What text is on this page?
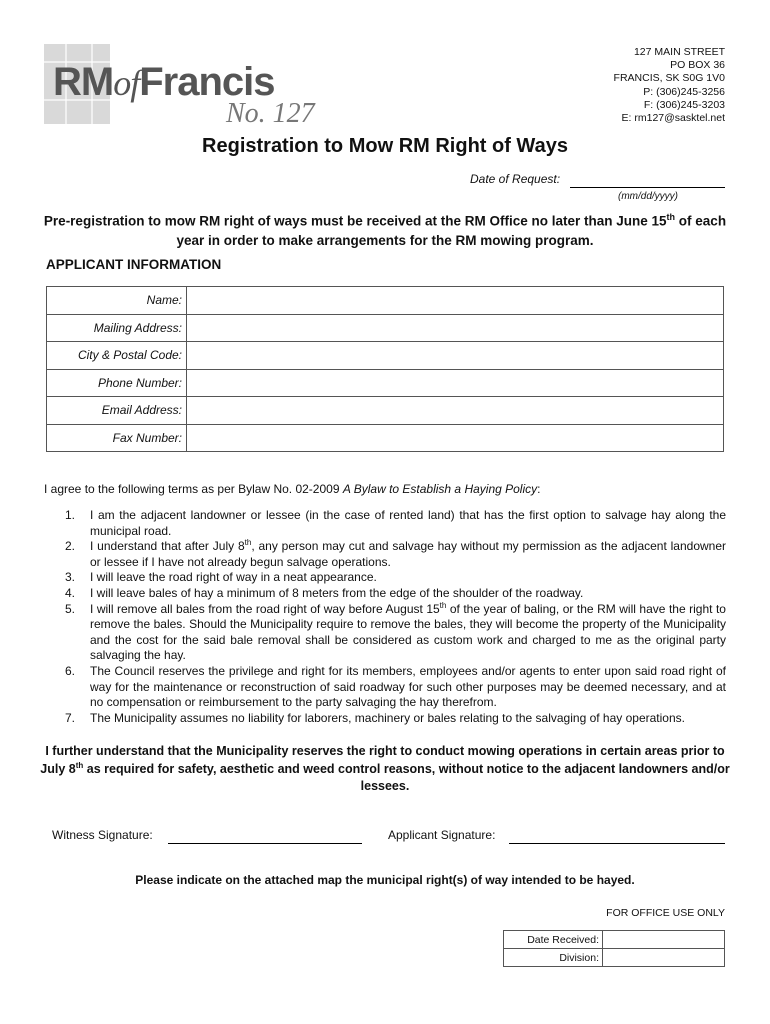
RMofFrancis
No. 127
127 MAIN STREET
PO BOX 36
FRANCIS, SK S0G 1V0
P: (306)245-3256
F: (306)245-3203
E: rm127@sasktel.net
Registration to Mow RM Right of Ways
Date of Request:
(mm/dd/yyyy)
Pre-registration to mow RM right of ways must be received at the RM Office no later than June 15th of each year in order to make arrangements for the RM mowing program.
APPLICANT INFORMATION
Name:	
Mailing Address:	
City & Postal Code:	
Phone Number:	
Email Address:	
Fax Number:	
I agree to the following terms as per Bylaw No. 02-2009 A Bylaw to Establish a Haying Policy:
1. I am the adjacent landowner or lessee (in the case of rented land) that has the first option to salvage hay along the municipal road.
2. I understand that after July 8th, any person may cut and salvage hay without my permission as the adjacent landowner or lessee if I have not already begun salvage operations.
3. I will leave the road right of way in a neat appearance.
4. I will leave bales of hay a minimum of 8 meters from the edge of the shoulder of the roadway.
5. I will remove all bales from the road right of way before August 15th of the year of baling, or the RM will have the right to remove the bales. Should the Municipality require to remove the bales, they will become the property of the Municipality and the cost for the said bale removal shall be considered as custom work and charged to me as the original party salvaging the hay.
6. The Council reserves the privilege and right for its members, employees and/or agents to enter upon said road right of way for the maintenance or reconstruction of said roadway for such other purposes may be deemed necessary, and at no compensation or reimbursement to the party salvaging the hay therefrom.
7. The Municipality assumes no liability for laborers, machinery or bales relating to the salvaging of hay operations.
I further understand that the Municipality reserves the right to conduct mowing operations in certain areas prior to July 8th as required for safety, aesthetic and weed control reasons, without notice to the adjacent landowners and/or lessees.
Witness Signature:	Applicant Signature:
Please indicate on the attached map the municipal right(s) of way intended to be hayed.
FOR OFFICE USE ONLY
Date Received:	
Division:	
